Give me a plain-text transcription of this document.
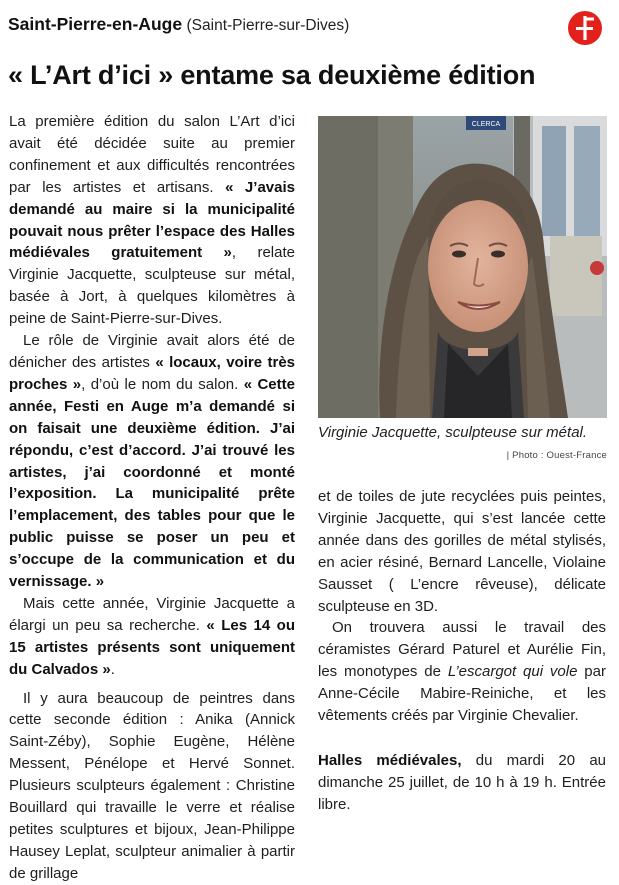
Saint-Pierre-en-Auge (Saint-Pierre-sur-Dives)
« L’Art d’ici » entame sa deuxième édition

La première édition du salon L’Art d’ici avait été décidée suite au premier confinement et aux difficultés rencontrées par les artistes et artisans. « J’avais demandé au maire si la municipalité pouvait nous prêter l’espace des Halles médiévales gratuitement », relate Virginie Jacquette, sculpteuse sur métal, basée à Jort, à quelques kilomètres à peine de Saint-Pierre-sur-Dives.

Le rôle de Virginie avait alors été de dénicher des artistes « locaux, voire très proches », d’où le nom du salon. « Cette année, Festi en Auge m’a demandé si on faisait une deuxième édition. J’ai répondu, c’est d’accord. J’ai trouvé les artistes, j’ai coordonné et monté l’exposition. La municipalité prête l’emplacement, des tables pour que le public puisse se poser un peu et s’occupe de la communication et du vernissage. »

Mais cette année, Virginie Jacquette a élargi un peu sa recherche. « Les 14 ou 15 artistes présents sont uniquement du Calvados ».

Il y aura beaucoup de peintres dans cette seconde édition : Anika (Annick Saint-Zéby), Sophie Eugène, Hélène Messent, Pénélope et Hervé Sonnet. Plusieurs sculpteurs également : Christine Bouillard qui travaille le verre et réalise petites sculptures et bijoux, Jean-Philippe Hausey Leplat, sculpteur animalier à partir de grillage

CLERCA
Virginie Jacquette, sculpteuse sur métal.
| Photo : Ouest-France

et de toiles de jute recyclées puis peintes, Virginie Jacquette, qui s’est lancée cette année dans des gorilles de métal stylisés, en acier résiné, Bernard Lancelle, Violaine Sausset ( L’encre rêveuse), délicate sculpteuse en 3D.

On trouvera aussi le travail des céramistes Gérard Paturel et Aurélie Fin, les monotypes de L’escargot qui vole par Anne-Cécile Mabire-Reiniche, et les vêtements créés par Virginie Chevalier.

Halles médiévales, du mardi 20 au dimanche 25 juillet, de 10 h à 19 h. Entrée libre.
